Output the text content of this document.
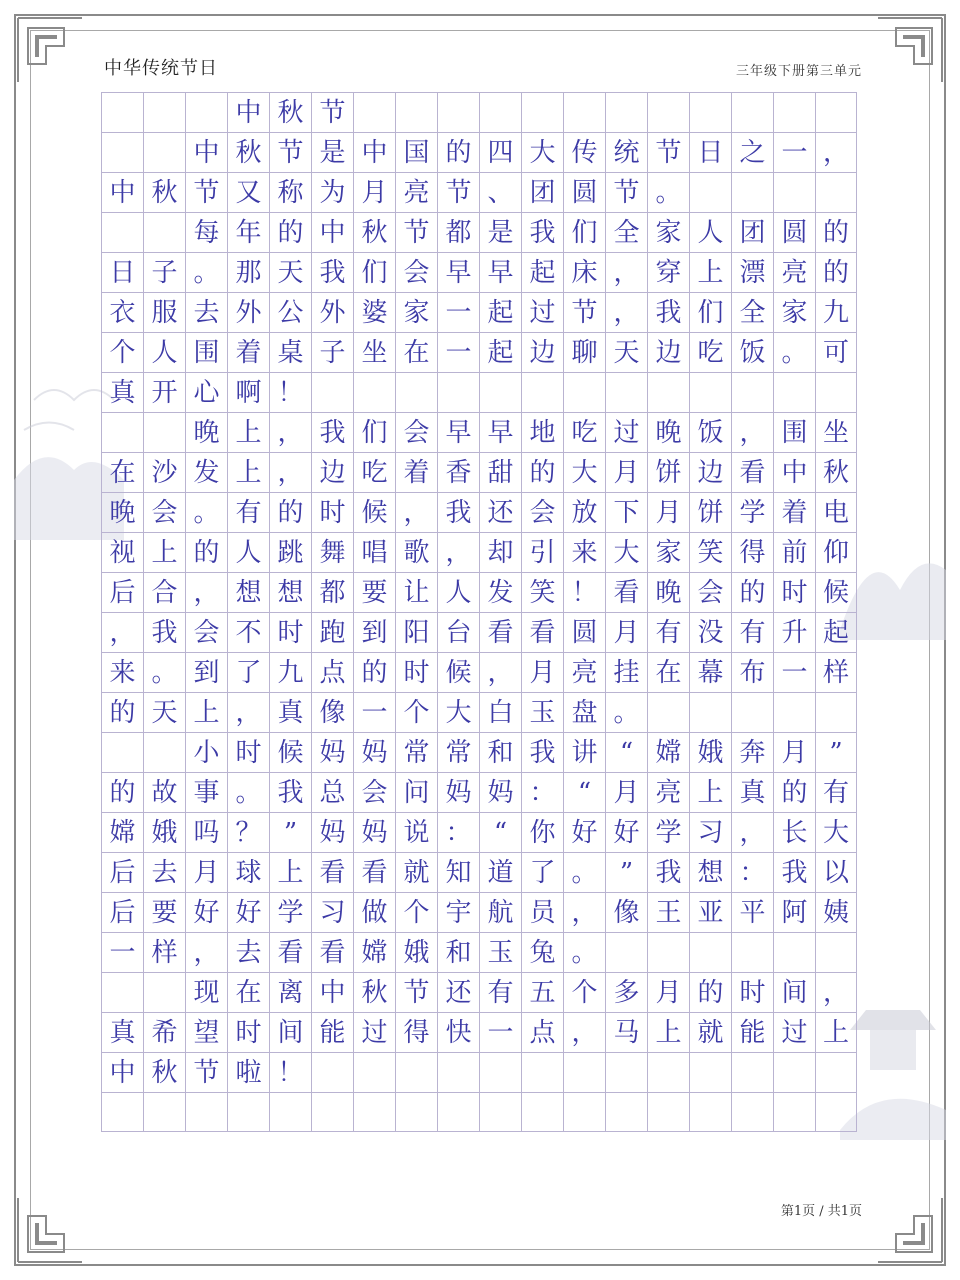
中华传统节日	三年级下册第三单元
中 秋 节
中 秋 节 是 中 国 的 四 大 传 统 节 日 之 一 ，
中 秋 节 又 称 为 月 亮 节 、 团 圆 节 。
每 年 的 中 秋 节 都 是 我 们 全 家 人 团 圆 的
日 子 。 那 天 我 们 会 早 早 起 床 ， 穿 上 漂 亮 的
衣 服 去 外 公 外 婆 家 一 起 过 节 ， 我 们 全 家 九
个 人 围 着 桌 子 坐 在 一 起 边 聊 天 边 吃 饭 。 可
真 开 心 啊 ！
晚 上 ， 我 们 会 早 早 地 吃 过 晚 饭 ， 围 坐
在 沙 发 上 ， 边 吃 着 香 甜 的 大 月 饼 边 看 中 秋
晚 会 。 有 的 时 候 ， 我 还 会 放 下 月 饼 学 着 电
视 上 的 人 跳 舞 唱 歌 ， 却 引 来 大 家 笑 得 前 仰
后 合 ， 想 想 都 要 让 人 发 笑 ！ 看 晚 会 的 时 候
， 我 会 不 时 跑 到 阳 台 看 看 圆 月 有 没 有 升 起
来 。 到 了 九 点 的 时 候 ， 月 亮 挂 在 幕 布 一 样
的 天 上 ， 真 像 一 个 大 白 玉 盘 。
小 时 候 妈 妈 常 常 和 我 讲 “ 嫦 娥 奔 月 ”
的 故 事 。 我 总 会 问 妈 妈 ： “ 月 亮 上 真 的 有
嫦 娥 吗 ？ ” 妈 妈 说 ： “ 你 好 好 学 习 ， 长 大
后 去 月 球 上 看 看 就 知 道 了 。 ” 我 想 ： 我 以
后 要 好 好 学 习 做 个 宇 航 员 ， 像 王 亚 平 阿 姨
一 样 ， 去 看 看 嫦 娥 和 玉 兔 。
现 在 离 中 秋 节 还 有 五 个 多 月 的 时 间 ，
真 希 望 时 间 能 过 得 快 一 点 ， 马 上 就 能 过 上
中 秋 节 啦 ！
第1页 / 共1页
